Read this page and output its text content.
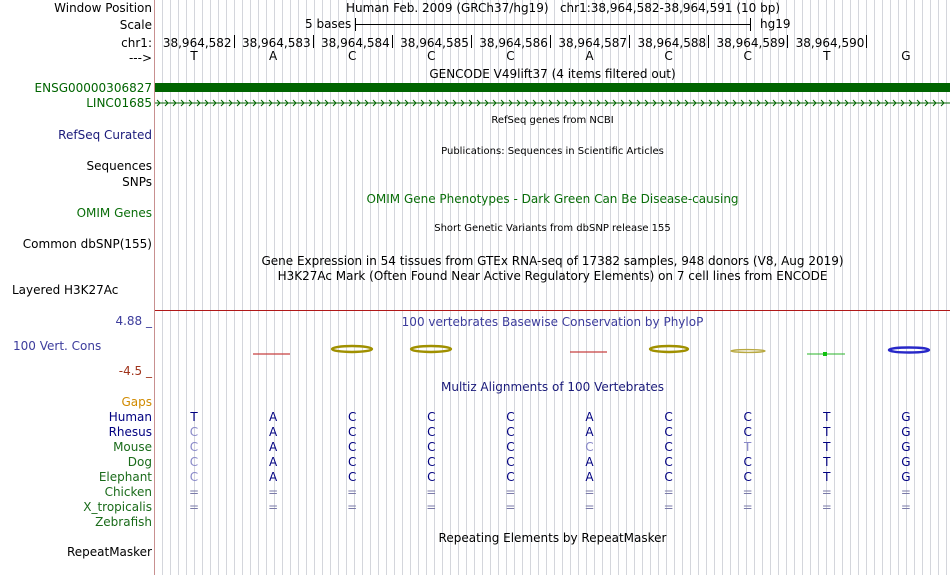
Window Position	Human Feb. 2009 (GRCh37/hg19)   chr1:38,964,582-38,964,591 (10 bp)
Scale	5 bases	hg19
chr1: 38,964,582 38,964,583 38,964,584 38,964,585 38,964,586 38,964,587 38,964,588 38,964,589 38,964,590
--->	T	A	C	C	C	A	C	C	T	G
GENCODE V49lift37 (4 items filtered out)
ENSG00000306827
LINC01685
RefSeq genes from NCBI
RefSeq Curated
Publications: Sequences in Scientific Articles
Sequences
SNPs
OMIM Gene Phenotypes - Dark Green Can Be Disease-causing
OMIM Genes
Short Genetic Variants from dbSNP release 155
Common dbSNP(155)
Gene Expression in 54 tissues from GTEx RNA-seq of 17382 samples, 948 donors (V8, Aug 2019)
H3K27Ac Mark (Often Found Near Active Regulatory Elements) on 7 cell lines from ENCODE
Layered H3K27Ac
4.88 _	100 vertebrates Basewise Conservation by PhyloP
100 Vert. Cons
-4.5 _
Multiz Alignments of 100 Vertebrates
Gaps
Human	T	A	C	C	C	A	C	C	T	G
Rhesus	C	A	C	C	C	A	C	C	T	G
Mouse	C	A	C	C	C	C	C	T	T	G
Dog	C	A	C	C	C	A	C	C	T	G
Elephant	C	A	C	C	C	A	C	C	T	G
Chicken	=	=	=	=	=	=	=	=	=	=
X_tropicalis	=	=	=	=	=	=	=	=	=	=
Zebrafish
Repeating Elements by RepeatMasker
RepeatMasker
